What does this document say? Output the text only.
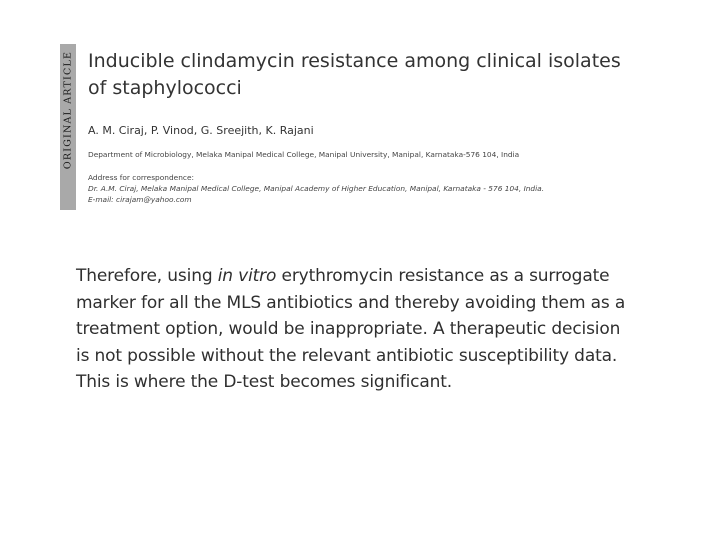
ORIGINAL ARTICLE Inducible clindamycin resistance among clinical isolates
of staphylococci
A. M. Ciraj, P. Vinod, G. Sreejith, K. Rajani
Department of Microbiology, Melaka Manipal Medical College, Manipal University, Manipal, Karnataka-576 104, India
Address for correspondence:
Dr. A.M. Ciraj, Melaka Manipal Medical College, Manipal Academy of Higher Education, Manipal, Karnataka - 576 104, India.
E-mail: cirajam@yahoo.com

Therefore, using in vitro erythromycin resistance as a surrogate
marker for all the MLS antibiotics and thereby avoiding them as a
treatment option, would be inappropriate. A therapeutic decision
is not possible without the relevant antibiotic susceptibility data.
This is where the D-test becomes significant.
